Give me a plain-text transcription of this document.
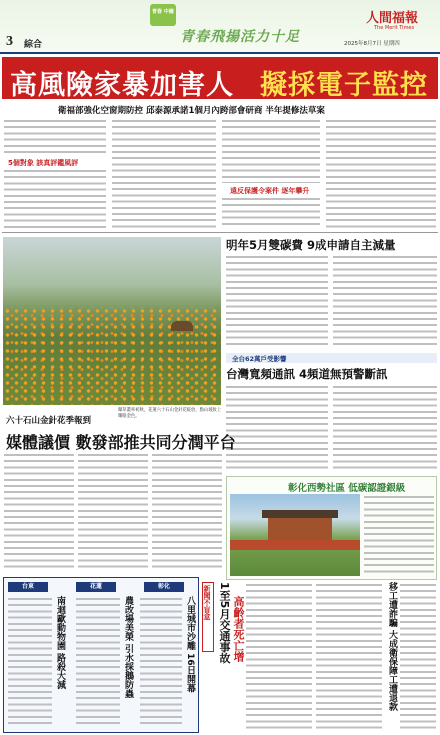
3 綜合
青春 中國
青春飛揚活力十足
人間福報
The Merit Times
2025年8月7日 星期四
高風險家暴加害人 擬採電子監控
衛福部強化空窗期防控 邱泰源承諾1個月內跨部會研商 半年提修法草案
5個對象 該真評鑑風評
遠反保護令案件 逐年攀升
曝草叢率初秋，花蓮六十石山金針花綻放，點山坡妝上耀眼金色。
六十石山金針花季報到
明年5月雙碳費 9成申請自主減量
全台62萬戶受影響
台灣寬頻通訊 4頻道無預警斷訊
媒體議價 數發部推共同分潤平台
彰化西勢社區 低碳認證銀級
台東	花蓮	彰化
南迴歐動物園 路殺大減	農改場美榮 引水採鵝防蟲	八里城市沙雕 16日開幕 新聞不盲盒 1至5月交通事故 高齡者死亡增	移工遭詐騙 大成衛保障工遭退款
